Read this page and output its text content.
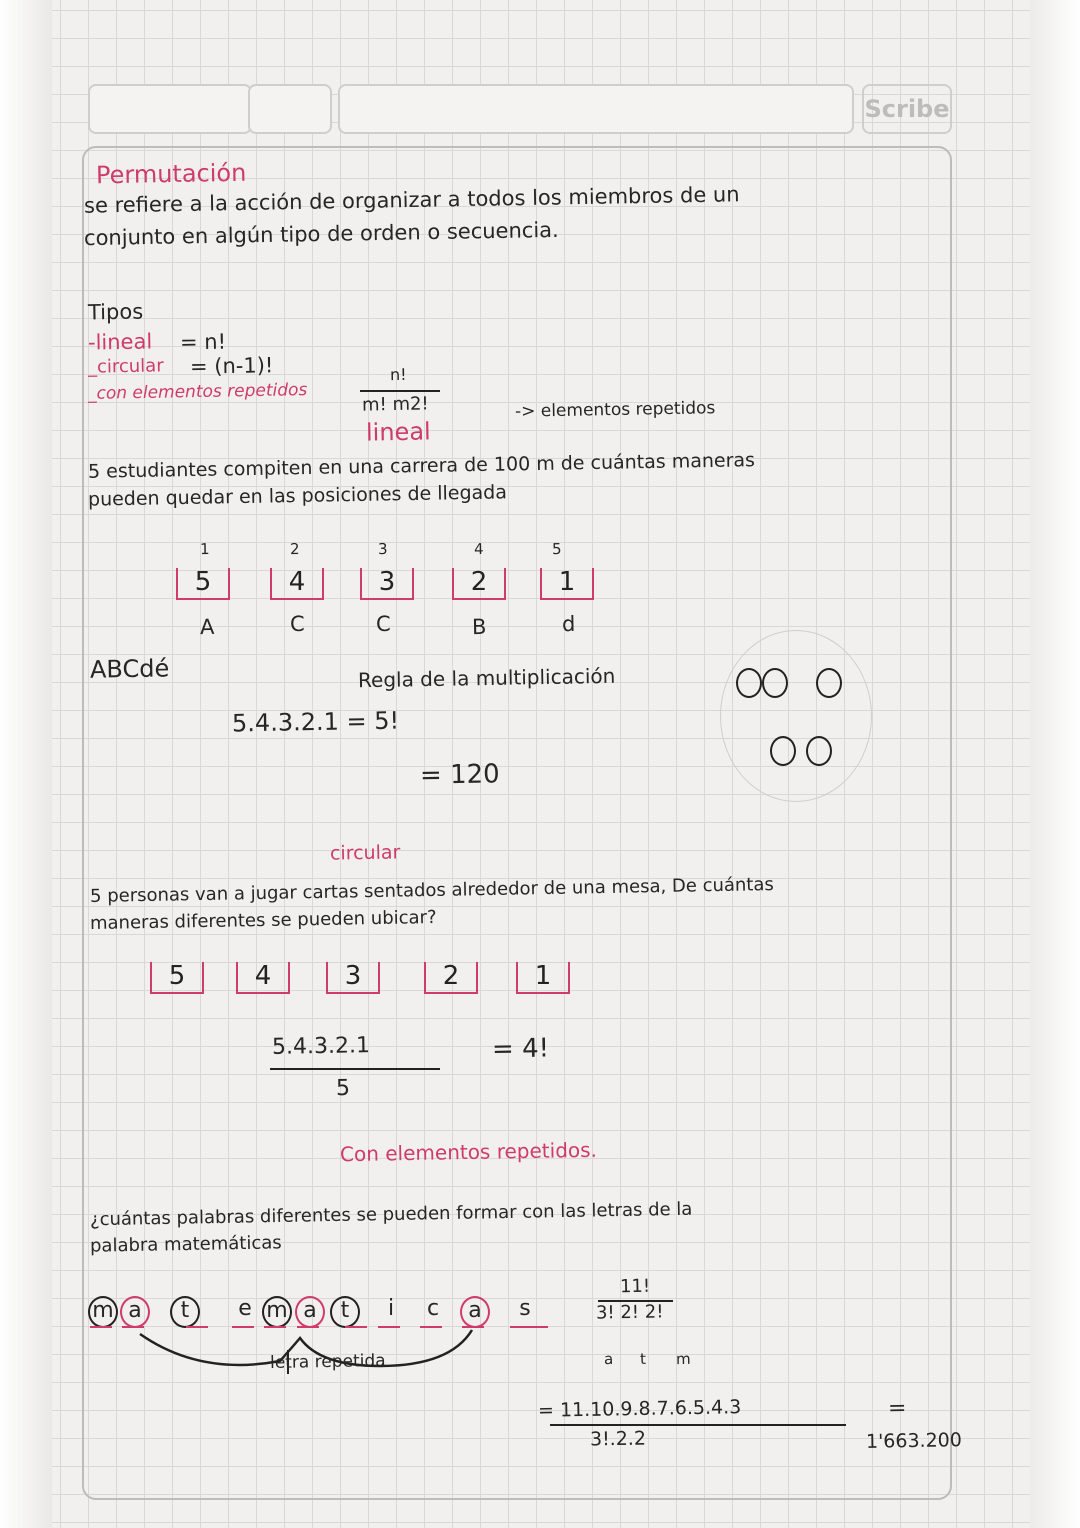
Scribe
Permutación
se refiere a la acción de organizar a todos los miembros de un
conjunto en algún tipo de orden o secuencia.
Tipos
-lineal = n!
_circular = (n-1)!
_con elementos repetidos
n!
m! m2!	-> elementos repetidos
lineal
5 estudiantes compiten en una carrera de 100 m de cuántas maneras
pueden quedar en las posiciones de llegada
1	2	3	4	5
5	4	3	2	1
A	C	C	B	d
ABCdé	Regla de la multiplicación
5.4.3.2.1 = 5!
= 120
circular
5 personas van a jugar cartas sentados alrededor de una mesa, De cuántas
maneras diferentes se pueden ubicar?
5	4	3	2	1
5.4.3.2.1
5
= 4!
Con elementos repetidos.
¿cuántas palabras diferentes se pueden formar con las letras de la
palabra matemáticas
m a	t	e m a	t	i	c	a	s
letra repetida
11!
3! 2! 2!
a t m
= 11.10.9.8.7.6.5.4.3
3!.2.2
=
1'663.200
